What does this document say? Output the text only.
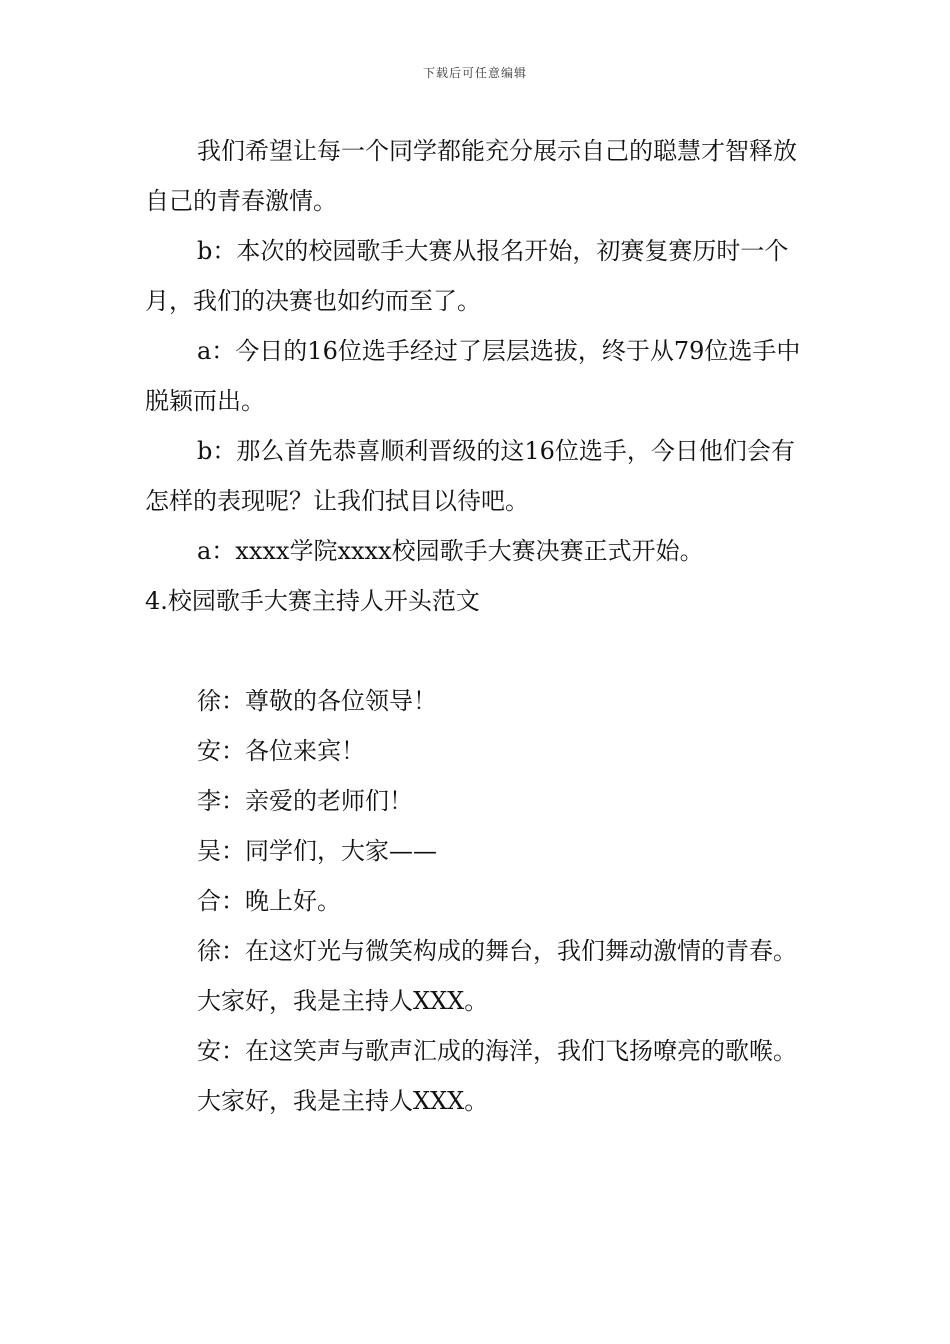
下载后可任意编辑

我们希望让每一个同学都能充分展示自己的聪慧才智释放自己的青春激情。

b：本次的校园歌手大赛从报名开始，初赛复赛历时一个月，我们的决赛也如约而至了。

a：今日的16位选手经过了层层选拔，终于从79位选手中脱颖而出。

b：那么首先恭喜顺利晋级的这16位选手，今日他们会有怎样的表现呢？让我们拭目以待吧。

a：xxxx学院xxxx校园歌手大赛决赛正式开始。

4.校园歌手大赛主持人开头范文

徐：尊敬的各位领导！

安：各位来宾！

李：亲爱的老师们！

吴：同学们，大家——

合：晚上好。

徐：在这灯光与微笑构成的舞台，我们舞动激情的青春。

大家好，我是主持人XXX。

安：在这笑声与歌声汇成的海洋，我们飞扬嘹亮的歌喉。

大家好，我是主持人XXX。
